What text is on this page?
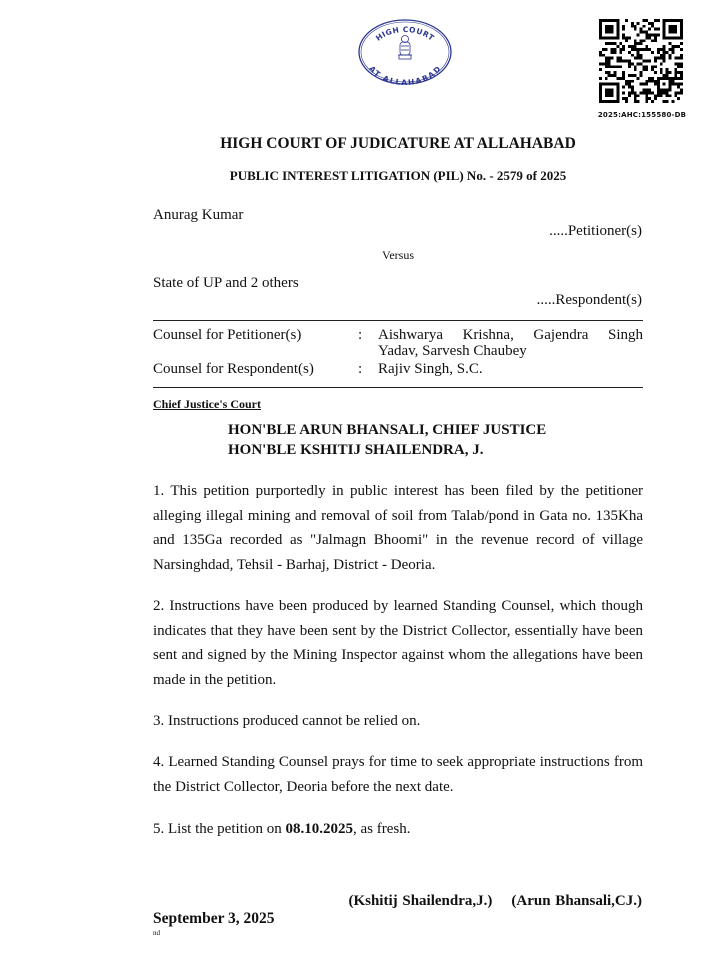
HIGH COURT
AT ALLAHABAD
2025:AHC:155580-DB
HIGH COURT OF JUDICATURE AT ALLAHABAD
PUBLIC INTEREST LITIGATION (PIL) No. - 2579 of 2025
Anurag Kumar
.....Petitioner(s)
Versus
State of UP and 2 others
.....Respondent(s)
Counsel for Petitioner(s)	: Aishwarya Krishna, Gajendra Singh
Yadav, Sarvesh Chaubey
Counsel for Respondent(s)	: Rajiv Singh, S.C.
Chief Justice's Court
HON'BLE ARUN BHANSALI, CHIEF JUSTICE
HON'BLE KSHITIJ SHAILENDRA, J.
1. This petition purportedly in public interest has been filed by the petitioner alleging illegal mining and removal of soil from Talab/pond in Gata no. 135Kha and 135Ga recorded as "Jalmagn Bhoomi" in the revenue record of village Narsinghdad, Tehsil - Barhaj, District - Deoria.
2. Instructions have been produced by learned Standing Counsel, which though indicates that they have been sent by the District Collector, essentially have been sent and signed by the Mining Inspector against whom the allegations have been made in the petition.
3. Instructions produced cannot be relied on.
4. Learned Standing Counsel prays for time to seek appropriate instructions from the District Collector, Deoria before the next date.
5. List the petition on 08.10.2025, as fresh.
(Kshitij Shailendra,J.) (Arun Bhansali,CJ.)
September 3, 2025
nd
